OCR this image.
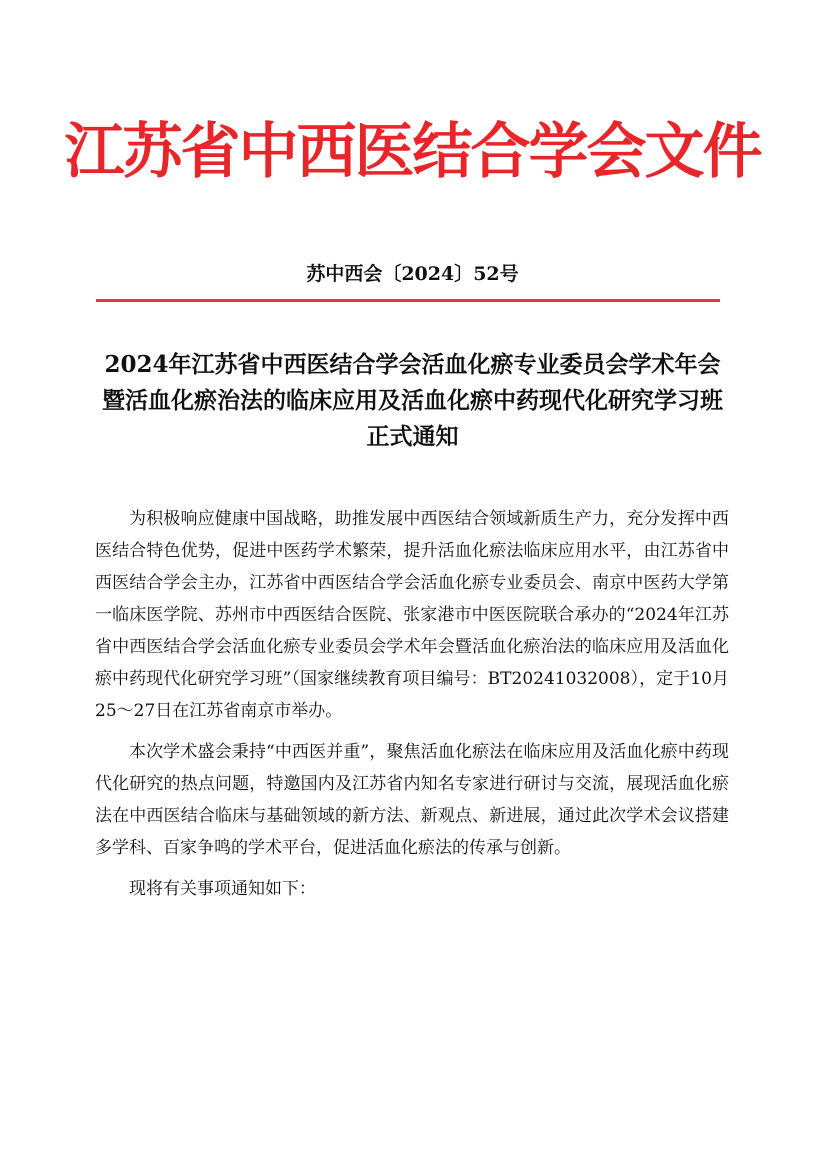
江苏省中西医结合学会文件
苏中西会〔2024〕52号
2024年江苏省中西医结合学会活血化瘀专业委员会学术年会
暨活血化瘀治法的临床应用及活血化瘀中药现代化研究学习班
正式通知

为积极响应健康中国战略，助推发展中西医结合领域新质生产力，充分发挥中西医结合特色优势，促进中医药学术繁荣，提升活血化瘀法临床应用水平，由江苏省中西医结合学会主办，江苏省中西医结合学会活血化瘀专业委员会、南京中医药大学第一临床医学院、苏州市中西医结合医院、张家港市中医医院联合承办的“2024年江苏省中西医结合学会活血化瘀专业委员会学术年会暨活血化瘀治法的临床应用及活血化瘀中药现代化研究学习班”（国家继续教育项目编号：BT20241032008），定于10月25～27日在江苏省南京市举办。

本次学术盛会秉持“中西医并重”，聚焦活血化瘀法在临床应用及活血化瘀中药现代化研究的热点问题，特邀国内及江苏省内知名专家进行研讨与交流，展现活血化瘀法在中西医结合临床与基础领域的新方法、新观点、新进展，通过此次学术会议搭建多学科、百家争鸣的学术平台，促进活血化瘀法的传承与创新。

现将有关事项通知如下：
